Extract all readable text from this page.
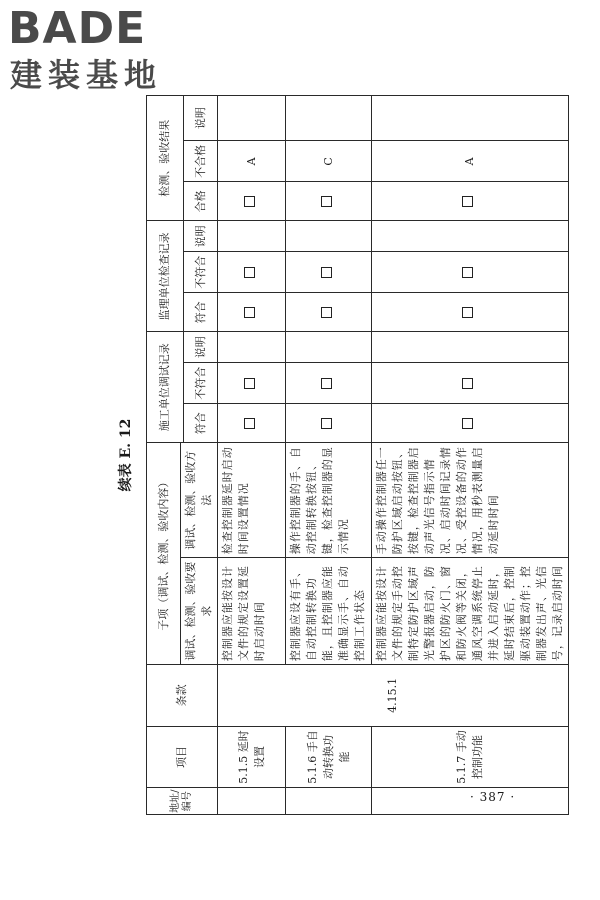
BADE
建装基地
续表 E. 12
地址/编号	项目	条款	子项（调试、检测、验收内容）		施工单位调试记录			监理单位检查记录			检测、验收结果		
			调试、检测、验收要求	调试、检测、验收方法									
					符合	不符合	说明	符合	不符合	说明	合格	不合格	说明
	5.1.5 延时设置	4.15.1	控制器应能按设计文件的规定设置延时启动时间	检查控制器延时启动时间设置情况								A	
	5.1.6 手自动转换功能		控制器应设有手、自动控制转换功能，且控制器应能准确显示手、自动控制工作状态	操作控制器的手、自动控制转换按钮、键，检查控制器的显示情况								C	
	5.1.7 手动控制功能		控制器应能按设计文件的规定手动控制特定防护区域声光警报器启动，防护区的防火门、窗和防火阀等关闭，通风空调系统停止并进入启动延时，延时结束后，控制驱动装置动作；控制器发出声、光信号，记录启动时间	手动操作控制器任一防护区域启动按钮、按键，检查控制器启动声光信号指示情况、启动时间记录情况、受控设备的动作情况，用秒表测量启动延时时间								A	
· 387 ·
